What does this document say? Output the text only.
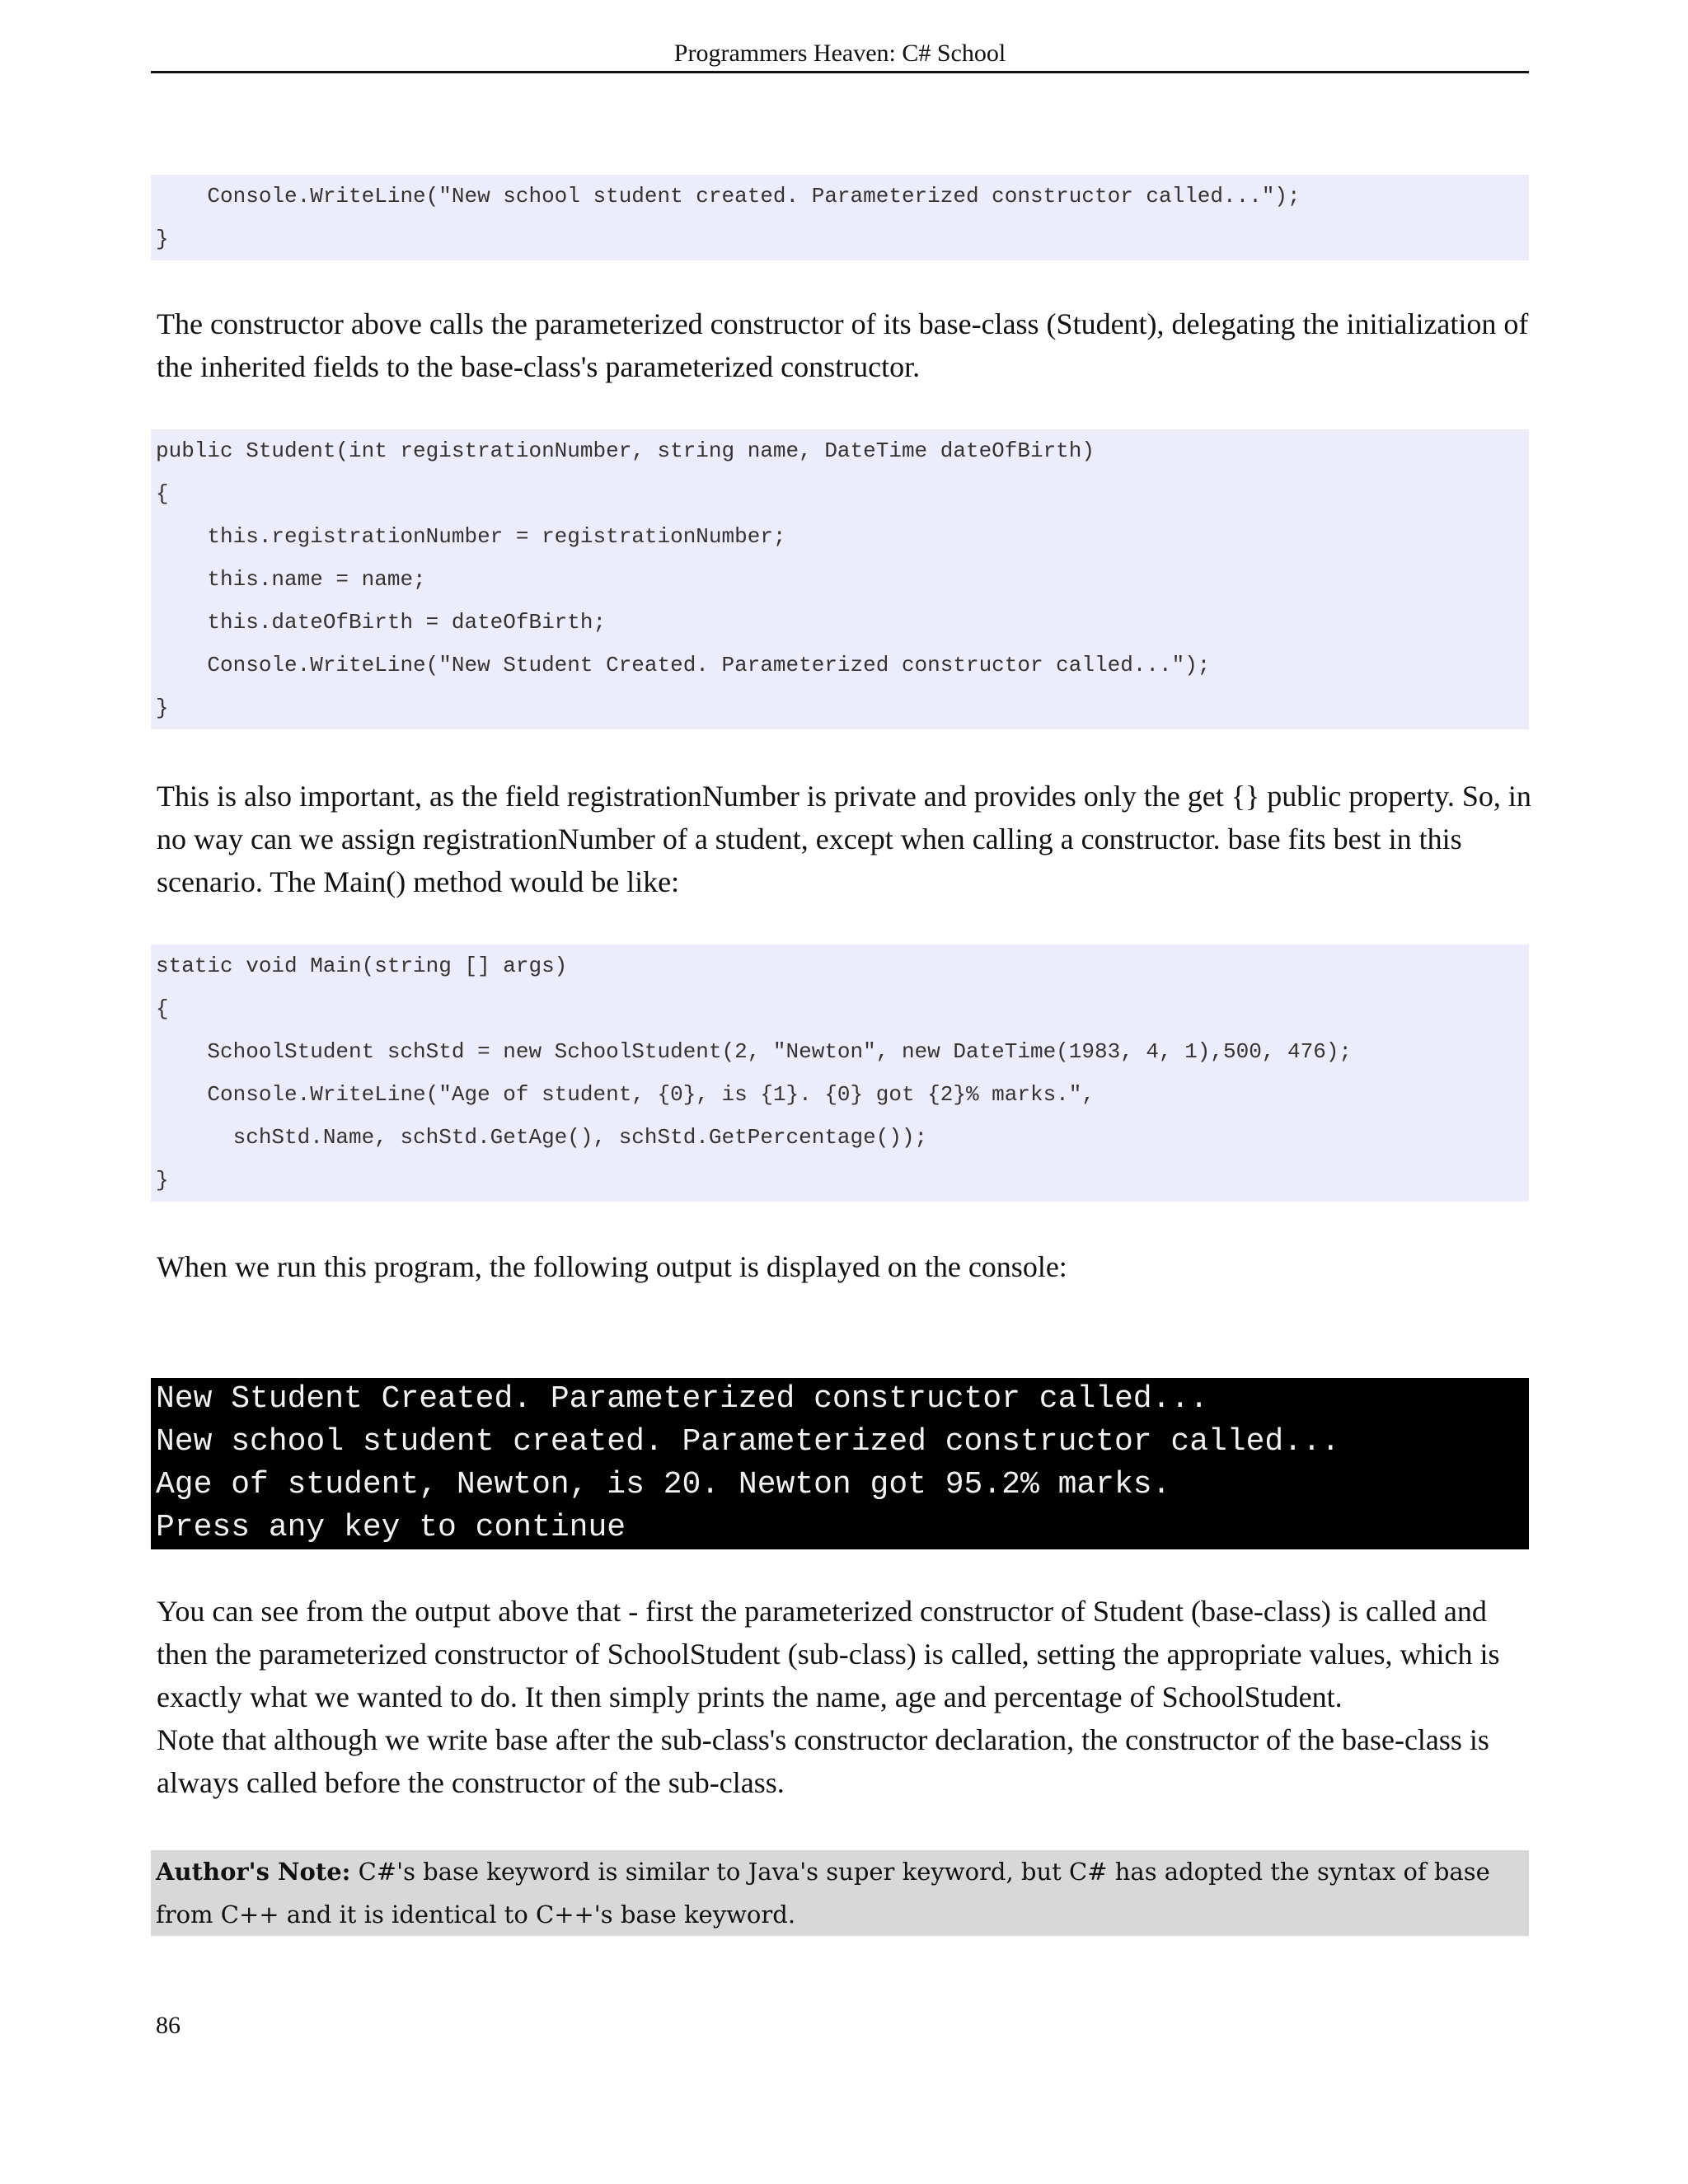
Programmers Heaven: C# School
Console.WriteLine("New school student created. Parameterized constructor called...");
}

The constructor above calls the parameterized constructor of its base-class (Student), delegating the initialization of the inherited fields to the base-class's parameterized constructor.

public Student(int registrationNumber, string name, DateTime dateOfBirth)
{
this.registrationNumber = registrationNumber;
this.name = name;
this.dateOfBirth = dateOfBirth;
Console.WriteLine("New Student Created. Parameterized constructor called...");
}

This is also important, as the field registrationNumber is private and provides only the get {} public property. So, in no way can we assign registrationNumber of a student, except when calling a constructor. base fits best in this scenario. The Main() method would be like:

static void Main(string [] args)
{
SchoolStudent schStd = new SchoolStudent(2, "Newton", new DateTime(1983, 4, 1),500, 476);
Console.WriteLine("Age of student, {0}, is {1}. {0} got {2}% marks.",
schStd.Name, schStd.GetAge(), schStd.GetPercentage());
}

When we run this program, the following output is displayed on the console:

New Student Created. Parameterized constructor called...
New school student created. Parameterized constructor called...
Age of student, Newton, is 20. Newton got 95.2% marks.
Press any key to continue

You can see from the output above that - first the parameterized constructor of Student (base-class) is called and then the parameterized constructor of SchoolStudent (sub-class) is called, setting the appropriate values, which is exactly what we wanted to do. It then simply prints the name, age and percentage of SchoolStudent.

Note that although we write base after the sub-class's constructor declaration, the constructor of the base-class is always called before the constructor of the sub-class.

Author's Note: C#'s base keyword is similar to Java's super keyword, but C# has adopted the syntax of base from C++ and it is identical to C++'s base keyword.
86
